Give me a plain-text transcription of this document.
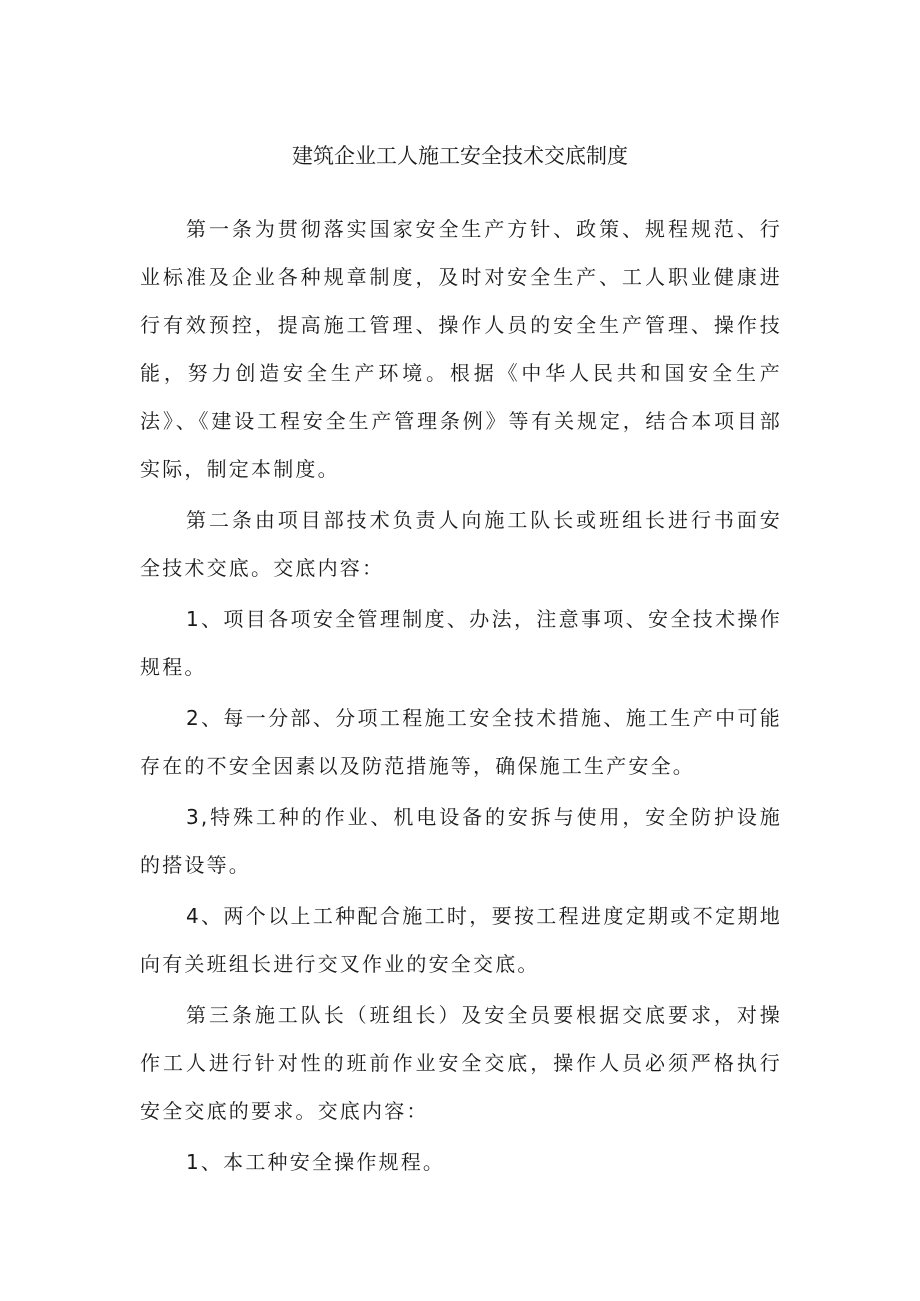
建筑企业工人施工安全技术交底制度

第一条为贯彻落实国家安全生产方针、政策、规程规范、行业标准及企业各种规章制度，及时对安全生产、工人职业健康进行有效预控，提高施工管理、操作人员的安全生产管理、操作技能，努力创造安全生产环境。根据《中华人民共和国安全生产法》、《建设工程安全生产管理条例》等有关规定，结合本项目部实际，制定本制度。

第二条由项目部技术负责人向施工队长或班组长进行书面安全技术交底。交底内容：

1、项目各项安全管理制度、办法，注意事项、安全技术操作规程。

2、每一分部、分项工程施工安全技术措施、施工生产中可能存在的不安全因素以及防范措施等，确保施工生产安全。

3,特殊工种的作业、机电设备的安拆与使用，安全防护设施的搭设等。

4、两个以上工种配合施工时，要按工程进度定期或不定期地向有关班组长进行交叉作业的安全交底。

第三条施工队长（班组长）及安全员要根据交底要求，对操作工人进行针对性的班前作业安全交底，操作人员必须严格执行安全交底的要求。交底内容：

1、本工种安全操作规程。
